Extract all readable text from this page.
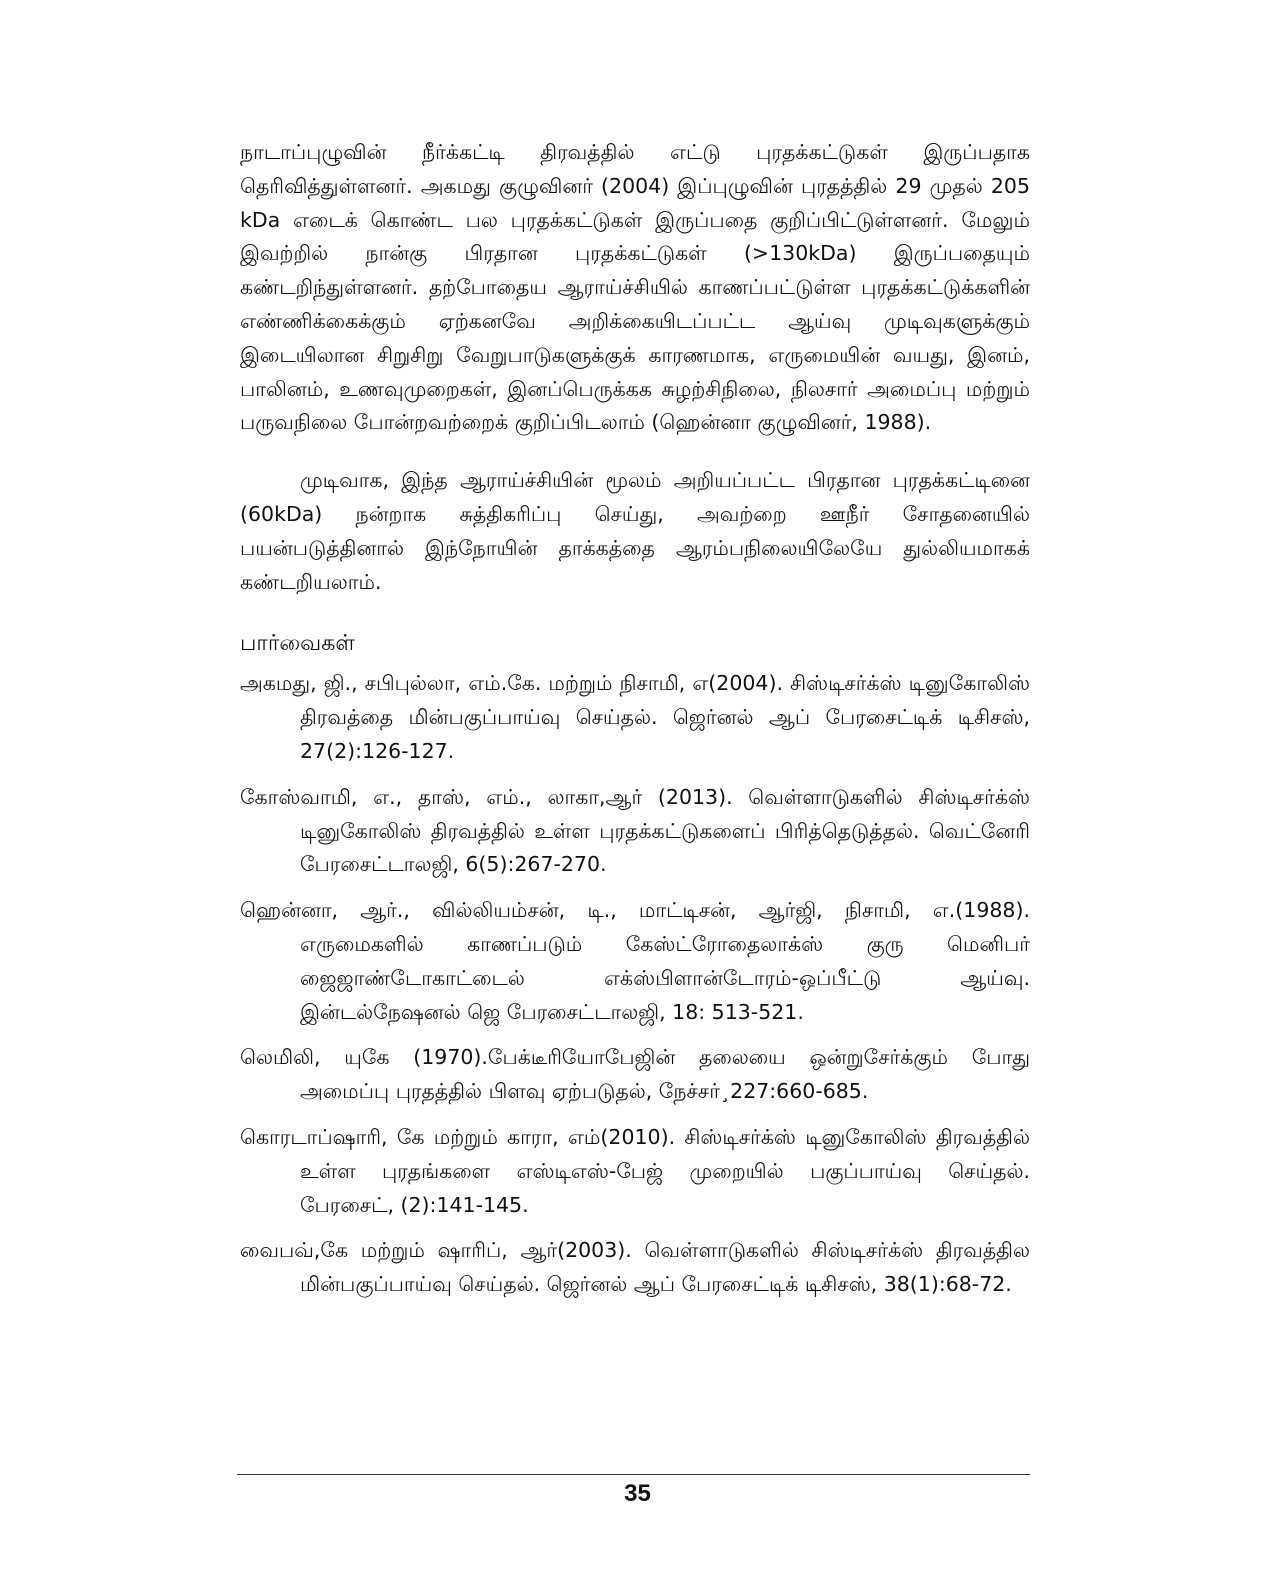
நாடாப்புழுவின் நீர்க்கட்டி திரவத்தில் எட்டு புரதக்கட்டுகள் இருப்பதாக தெரிவித்துள்ளனர். அகமது குழுவினர் (2004) இப்புழுவின் புரதத்தில் 29 முதல் 205 kDa எடைக் கொண்ட பல புரதக்கட்டுகள் இருப்பதை குறிப்பிட்டுள்ளனர். மேலும் இவற்றில் நான்கு பிரதான புரதக்கட்டுகள் (>130kDa) இருப்பதையும் கண்டறிந்துள்ளனர். தற்போதைய ஆராய்ச்சியில் காணப்பட்டுள்ள புரதக்கட்டுக்களின் எண்ணிக்கைக்கும் ஏற்கனவே அறிக்கையிடப்பட்ட ஆய்வு முடிவுகளுக்கும் இடையிலான சிறுசிறு வேறுபாடுகளுக்குக் காரணமாக, எருமையின் வயது, இனம், பாலினம், உணவுமுறைகள், இனப்பெருக்கக சுழற்சிநிலை, நிலசார் அமைப்பு மற்றும் பருவநிலை போன்றவற்றைக் குறிப்பிடலாம் (ஹென்னா குழுவினர், 1988).

முடிவாக, இந்த ஆராய்ச்சியின் மூலம் அறியப்பட்ட பிரதான புரதக்கட்டினை (60kDa) நன்றாக சுத்திகரிப்பு செய்து, அவற்றை ஊநீர் சோதனையில் பயன்படுத்தினால் இந்நோயின் தாக்கத்தை ஆரம்பநிலையிலேயே துல்லியமாகக் கண்டறியலாம்.

பார்வைகள்
அகமது, ஜி., சபிபுல்லா, எம்.கே. மற்றும் நிசாமி, எ(2004). சிஸ்டிசர்க்ஸ் டினுகோலிஸ் திரவத்தை மின்பகுப்பாய்வு செய்தல். ஜெர்னல் ஆப் பேரசைட்டிக் டிசிசஸ், 27(2):126-127.
கோஸ்வாமி, எ., தாஸ், எம்., லாகா,ஆர் (2013). வெள்ளாடுகளில் சிஸ்டிசர்க்ஸ் டினுகோலிஸ் திரவத்தில் உள்ள புரதக்கட்டுகளைப் பிரித்தெடுத்தல். வெட்னேரி பேரசைட்டாலஜி, 6(5):267-270.
ஹென்னா, ஆர்., வில்லியம்சன், டி., மாட்டிசன், ஆர்ஜி, நிசாமி, எ.(1988). எருமைகளில் காணப்படும் கேஸ்ட்ரோதைலாக்ஸ் குரு மெனிபர் ஜைஜாண்டோகாட்டைல் எக்ஸ்பிளான்டோரம்-ஒப்பீட்டு ஆய்வு. இன்டல்நேஷனல் ஜெ பேரசைட்டாலஜி, 18: 513-521.
லெமிலி, யுகே (1970).பேக்டீரியோபேஜின் தலையை ஒன்றுசேர்க்கும் போது அமைப்பு புரதத்தில் பிளவு ஏற்படுதல், நேச்சர்¸227:660-685.
கொரடாப்ஷாரி, கே மற்றும் காரா, எம்(2010). சிஸ்டிசர்க்ஸ் டினுகோலிஸ் திரவத்தில் உள்ள புரதங்களை எஸ்டிஎஸ்-பேஜ் முறையில் பகுப்பாய்வு செய்தல். பேரசைட், (2):141-145.
வைபவ்,கே மற்றும் ஷாரிப், ஆர்(2003). வெள்ளாடுகளில் சிஸ்டிசர்க்ஸ் திரவத்தில மின்பகுப்பாய்வு செய்தல். ஜெர்னல் ஆப் பேரசைட்டிக் டிசிசஸ், 38(1):68-72.
35
